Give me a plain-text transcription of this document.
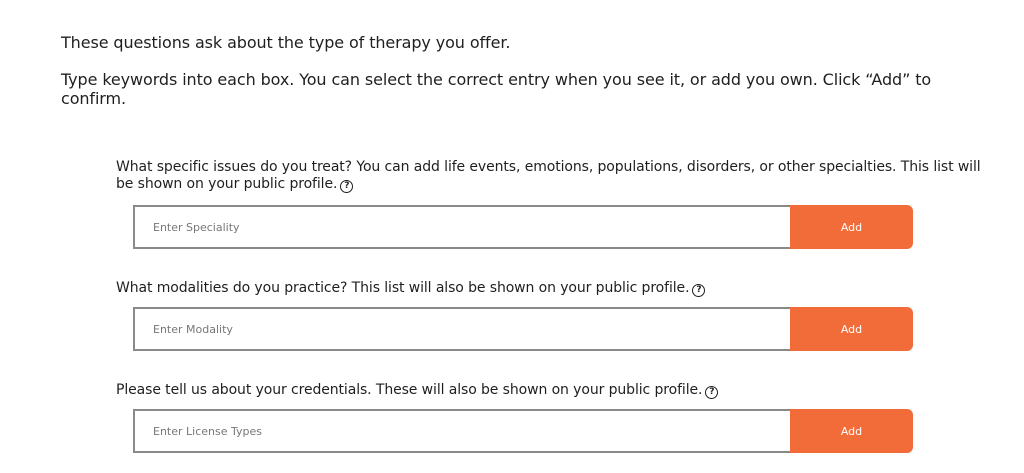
These questions ask about the type of therapy you offer.

Type keywords into each box. You can select the correct entry when you see it, or add you own. Click “Add” to confirm.

What specific issues do you treat? You can add life events, emotions, populations, disorders, or other specialties. This list will be shown on your public profile. ?
Enter Speciality
Add
What modalities do you practice? This list will also be shown on your public profile. ?
Enter Modality
Add
Please tell us about your credentials. These will also be shown on your public profile. ?
Enter License Types
Add
